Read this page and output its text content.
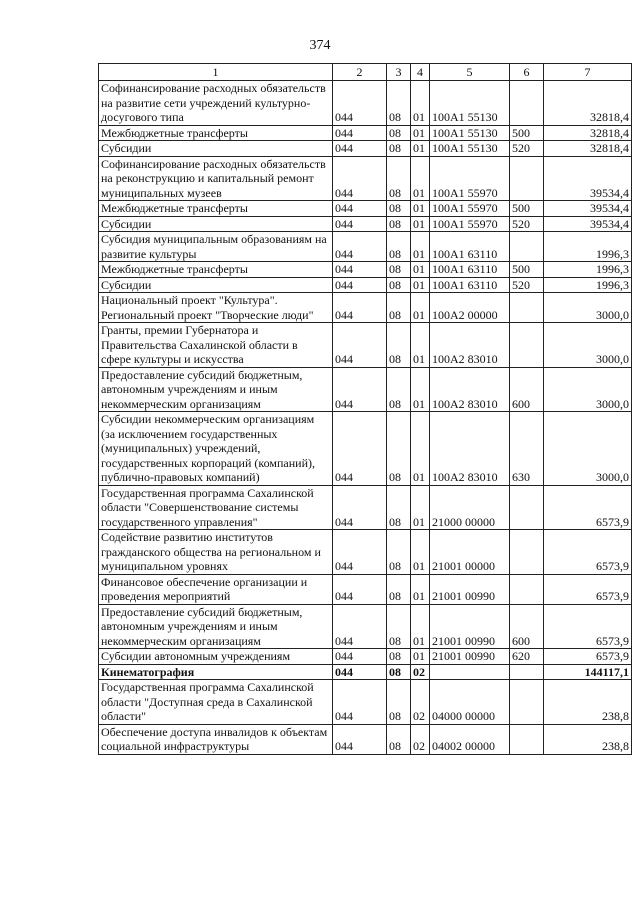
374
1	2	3	4	5	6	7
Софинансирование расходных обязательств на развитие сети учреждений культурно-досугового типа	044	08	01	100A1 55130		32818,4
Межбюджетные трансферты	044	08	01	100A1 55130	500	32818,4
Субсидии	044	08	01	100A1 55130	520	32818,4
Софинансирование расходных обязательств на реконструкцию и капитальный ремонт муниципальных музеев	044	08	01	100A1 55970		39534,4
Межбюджетные трансферты	044	08	01	100A1 55970	500	39534,4
Субсидии	044	08	01	100A1 55970	520	39534,4
Субсидия муниципальным образованиям на развитие культуры	044	08	01	100A1 63110		1996,3
Межбюджетные трансферты	044	08	01	100A1 63110	500	1996,3
Субсидии	044	08	01	100A1 63110	520	1996,3
Национальный проект "Культура". Региональный проект "Творческие люди"	044	08	01	100A2 00000		3000,0
Гранты, премии Губернатора и Правительства Сахалинской области в сфере культуры и искусства	044	08	01	100A2 83010		3000,0
Предоставление субсидий бюджетным, автономным учреждениям и иным некоммерческим организациям	044	08	01	100A2 83010	600	3000,0
Субсидии некоммерческим организациям (за исключением государственных (муниципальных) учреждений, государственных корпораций (компаний), публично-правовых компаний)	044	08	01	100A2 83010	630	3000,0
Государственная программа Сахалинской области "Совершенствование системы государственного управления"	044	08	01	21000 00000		6573,9
Содействие развитию институтов гражданского общества на региональном и муниципальном уровнях	044	08	01	21001 00000		6573,9
Финансовое обеспечение организации и проведения мероприятий	044	08	01	21001 00990		6573,9
Предоставление субсидий бюджетным, автономным учреждениям и иным некоммерческим организациям	044	08	01	21001 00990	600	6573,9
Субсидии автономным учреждениям	044	08	01	21001 00990	620	6573,9
Кинематография	044	08	02			144117,1
Государственная программа Сахалинской области "Доступная среда в Сахалинской области"	044	08	02	04000 00000		238,8
Обеспечение доступа инвалидов к объектам социальной инфраструктуры	044	08	02	04002 00000		238,8
